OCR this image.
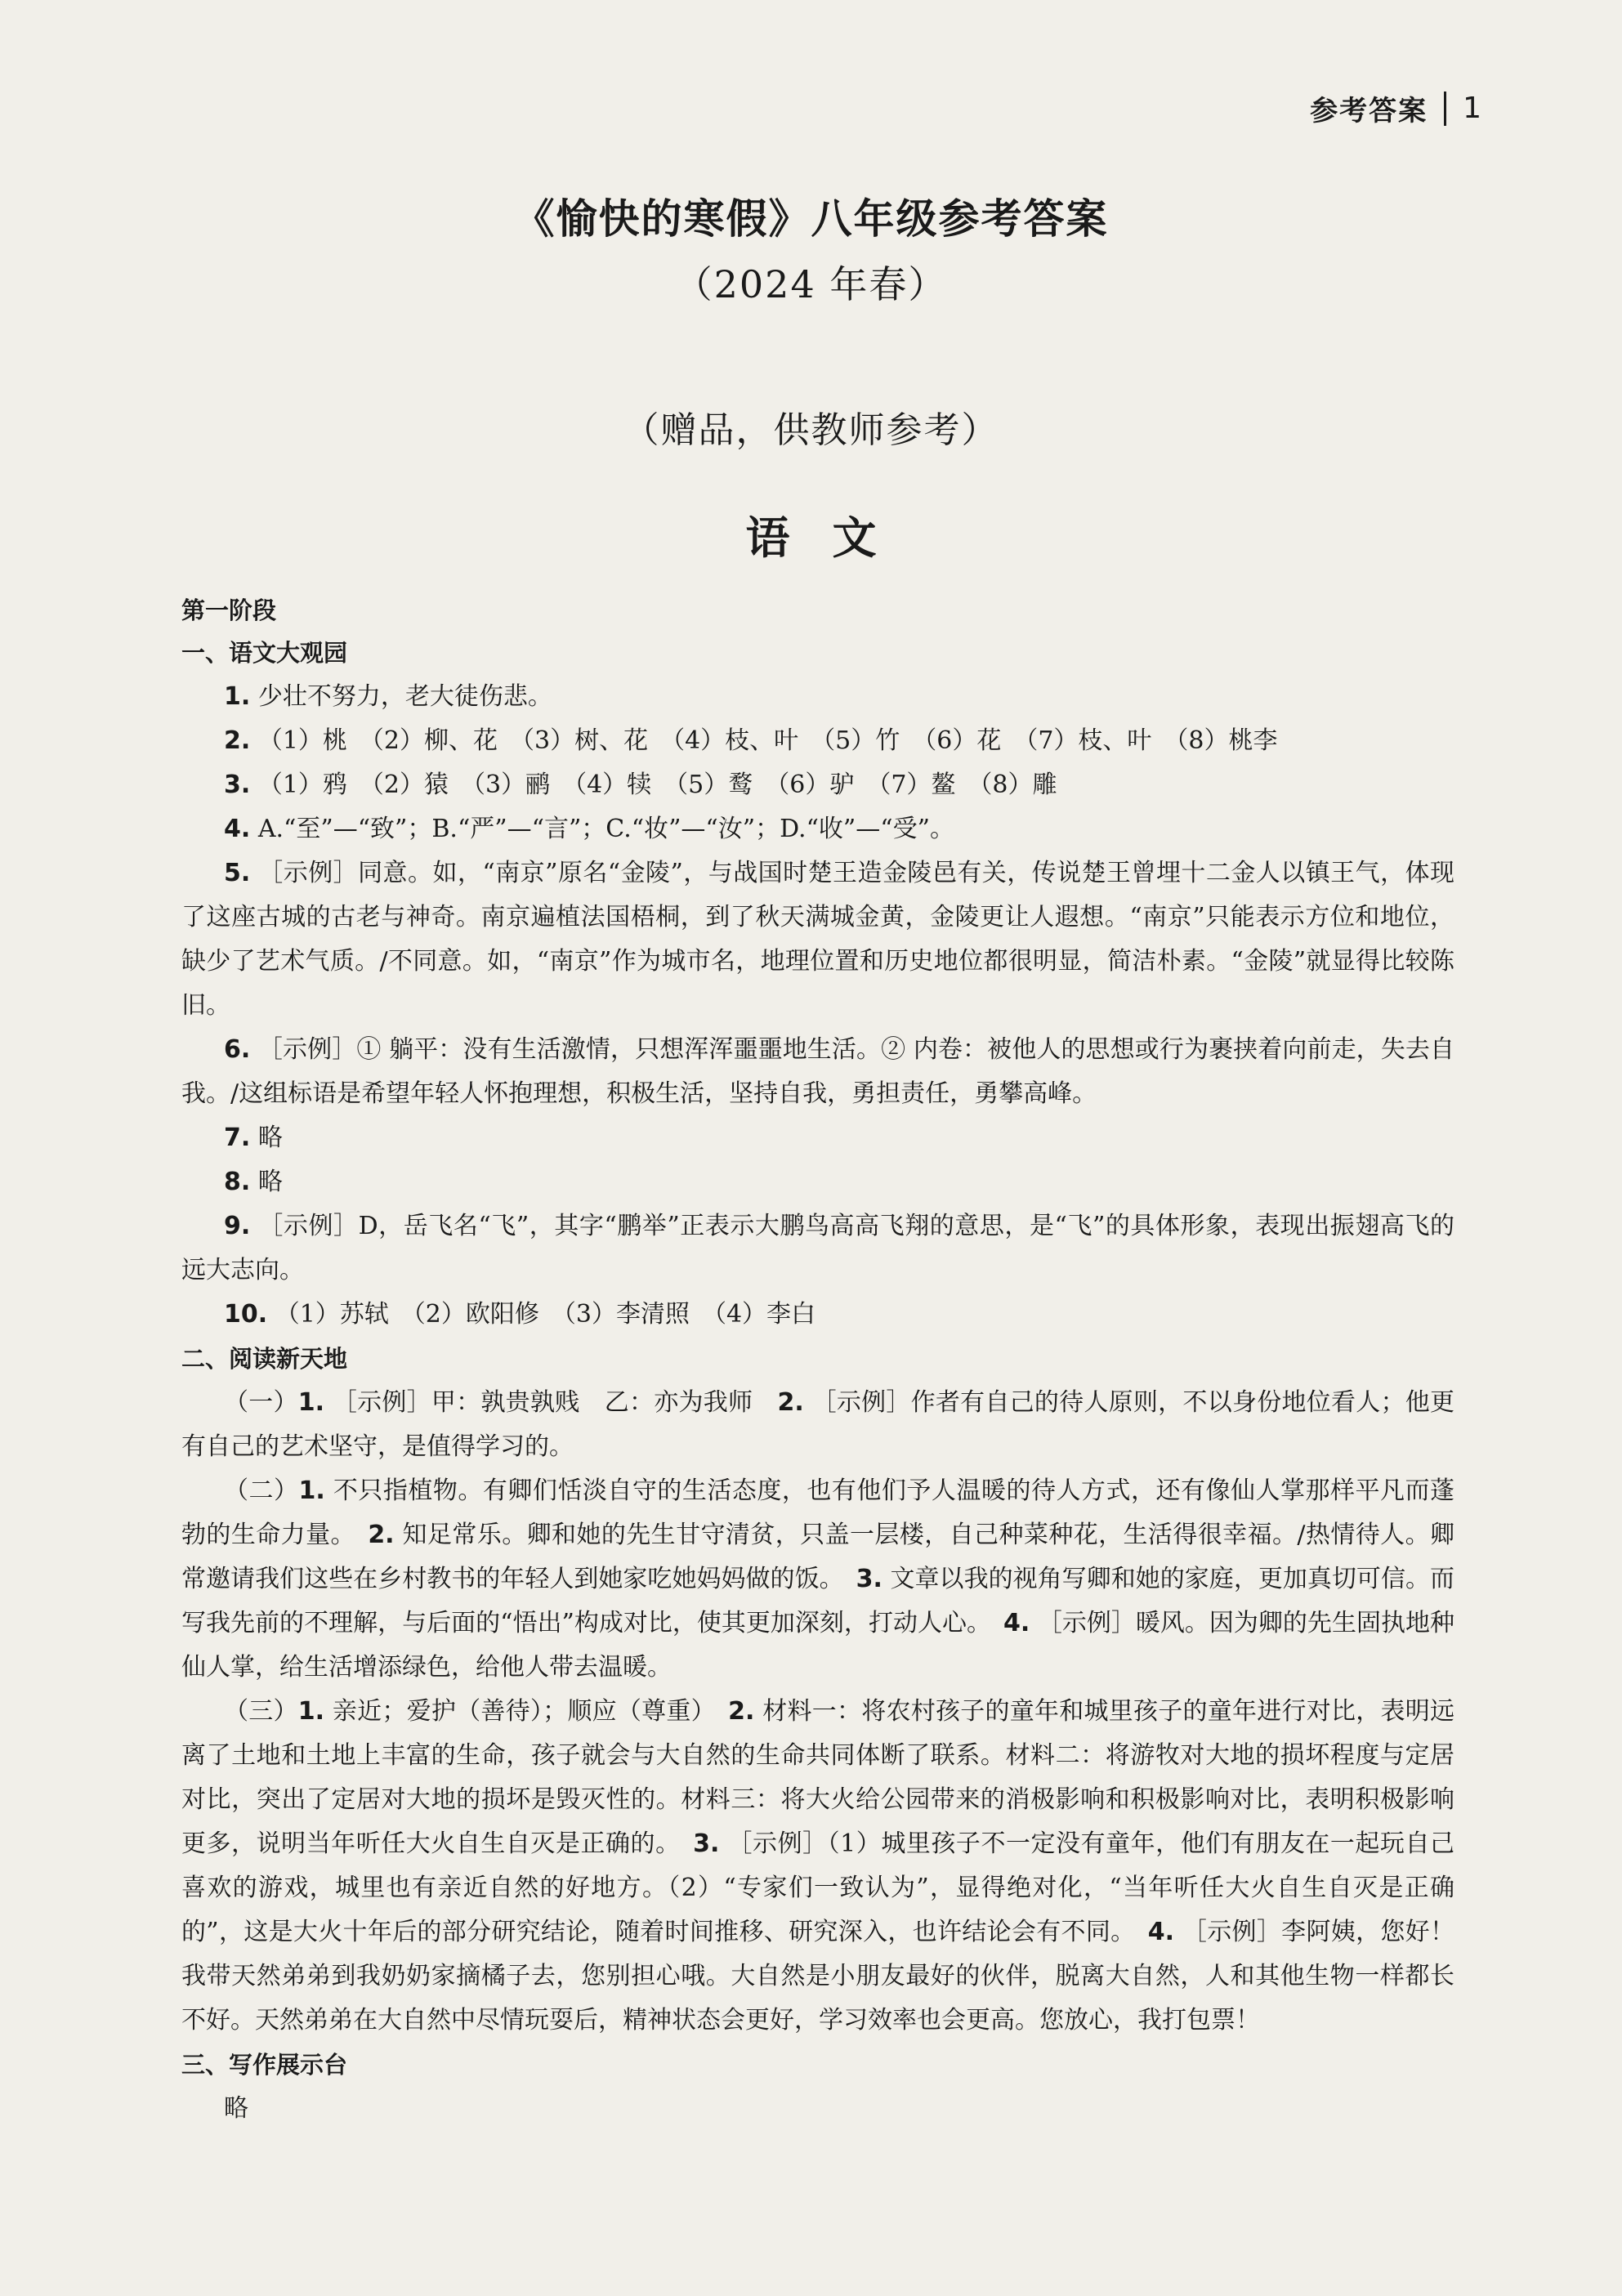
参考答案 1
《愉快的寒假》八年级参考答案
（2024 年春）
（赠品，供教师参考）
语文
第一阶段
一、语文大观园
1. 少壮不努力，老大徒伤悲。
2. （1）桃　（2）柳、花　（3）树、花　（4）枝、叶　（5）竹　（6）花　（7）枝、叶　（8）桃李
3. （1）鸦　（2）猿　（3）鹂　（4）犊　（5）鹜　（6）驴　（7）鳌　（8）雕
4. A.“至”—“致”；B.“严”—“言”；C.“妆”—“汝”；D.“收”—“受”。
5. ［示例］同意。如，“南京”原名“金陵”，与战国时楚王造金陵邑有关，传说楚王曾埋十二金人以镇王气，体现了这座古城的古老与神奇。南京遍植法国梧桐，到了秋天满城金黄，金陵更让人遐想。“南京”只能表示方位和地位，缺少了艺术气质。/不同意。如，“南京”作为城市名，地理位置和历史地位都很明显，简洁朴素。“金陵”就显得比较陈旧。
6. ［示例］① 躺平：没有生活激情，只想浑浑噩噩地生活。② 内卷：被他人的思想或行为裹挟着向前走，失去自我。/这组标语是希望年轻人怀抱理想，积极生活，坚持自我，勇担责任，勇攀高峰。
7. 略
8. 略
9. ［示例］D，岳飞名“飞”，其字“鹏举”正表示大鹏鸟高高飞翔的意思，是“飞”的具体形象，表现出振翅高飞的远大志向。
10. （1）苏轼　（2）欧阳修　（3）李清照　（4）李白
二、阅读新天地
（一）1. ［示例］甲：孰贵孰贱　乙：亦为我师　2. ［示例］作者有自己的待人原则，不以身份地位看人；他更有自己的艺术坚守，是值得学习的。
（二）1. 不只指植物。有卿们恬淡自守的生活态度，也有他们予人温暖的待人方式，还有像仙人掌那样平凡而蓬勃的生命力量。　2. 知足常乐。卿和她的先生甘守清贫，只盖一层楼，自己种菜种花，生活得很幸福。/热情待人。卿常邀请我们这些在乡村教书的年轻人到她家吃她妈妈做的饭。　3. 文章以我的视角写卿和她的家庭，更加真切可信。而写我先前的不理解，与后面的“悟出”构成对比，使其更加深刻，打动人心。　4. ［示例］暖风。因为卿的先生固执地种仙人掌，给生活增添绿色，给他人带去温暖。
（三）1. 亲近；爱护（善待）；顺应（尊重）　2. 材料一：将农村孩子的童年和城里孩子的童年进行对比，表明远离了土地和土地上丰富的生命，孩子就会与大自然的生命共同体断了联系。材料二：将游牧对大地的损坏程度与定居对比，突出了定居对大地的损坏是毁灭性的。材料三：将大火给公园带来的消极影响和积极影响对比，表明积极影响更多，说明当年听任大火自生自灭是正确的。　3. ［示例］（1）城里孩子不一定没有童年，他们有朋友在一起玩自己喜欢的游戏，城里也有亲近自然的好地方。（2）“专家们一致认为”，显得绝对化，“当年听任大火自生自灭是正确的”，这是大火十年后的部分研究结论，随着时间推移、研究深入，也许结论会有不同。　4. ［示例］李阿姨，您好！我带天然弟弟到我奶奶家摘橘子去，您别担心哦。大自然是小朋友最好的伙伴，脱离大自然，人和其他生物一样都长不好。天然弟弟在大自然中尽情玩耍后，精神状态会更好，学习效率也会更高。您放心，我打包票！
三、写作展示台
略
